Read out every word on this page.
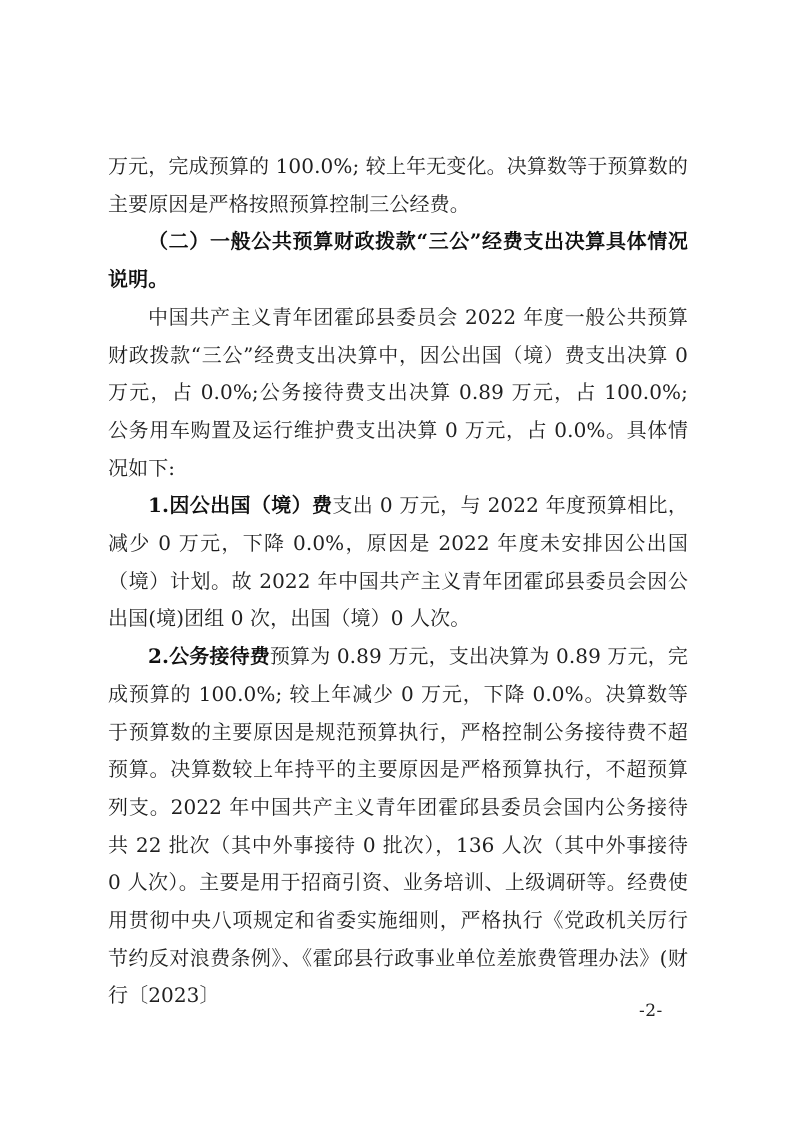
万元，完成预算的 100.0%; 较上年无变化。决算数等于预算数的主要原因是严格按照预算控制三公经费。

（二）一般公共预算财政拨款“三公”经费支出决算具体情况说明。

中国共产主义青年团霍邱县委员会 2022 年度一般公共预算财政拨款“三公”经费支出决算中，因公出国（境）费支出决算 0 万元，占 0.0%;公务接待费支出决算 0.89 万元，占 100.0%; 公务用车购置及运行维护费支出决算 0 万元，占 0.0%。具体情况如下:

1.因公出国（境）费支出 0 万元，与 2022 年度预算相比，减少 0 万元，下降 0.0%，原因是 2022 年度未安排因公出国（境）计划。故 2022 年中国共产主义青年团霍邱县委员会因公出国(境)团组 0 次，出国（境）0 人次。

2.公务接待费预算为 0.89 万元，支出决算为 0.89 万元，完成预算的 100.0%; 较上年减少 0 万元，下降 0.0%。决算数等于预算数的主要原因是规范预算执行，严格控制公务接待费不超预算。决算数较上年持平的主要原因是严格预算执行，不超预算列支。2022 年中国共产主义青年团霍邱县委员会国内公务接待共 22 批次（其中外事接待 0 批次），136 人次（其中外事接待 0 人次）。主要是用于招商引资、业务培训、上级调研等。经费使用贯彻中央八项规定和省委实施细则，严格执行《党政机关厉行节约反对浪费条例》、《霍邱县行政事业单位差旅费管理办法》(财行〔2023〕

-2-
